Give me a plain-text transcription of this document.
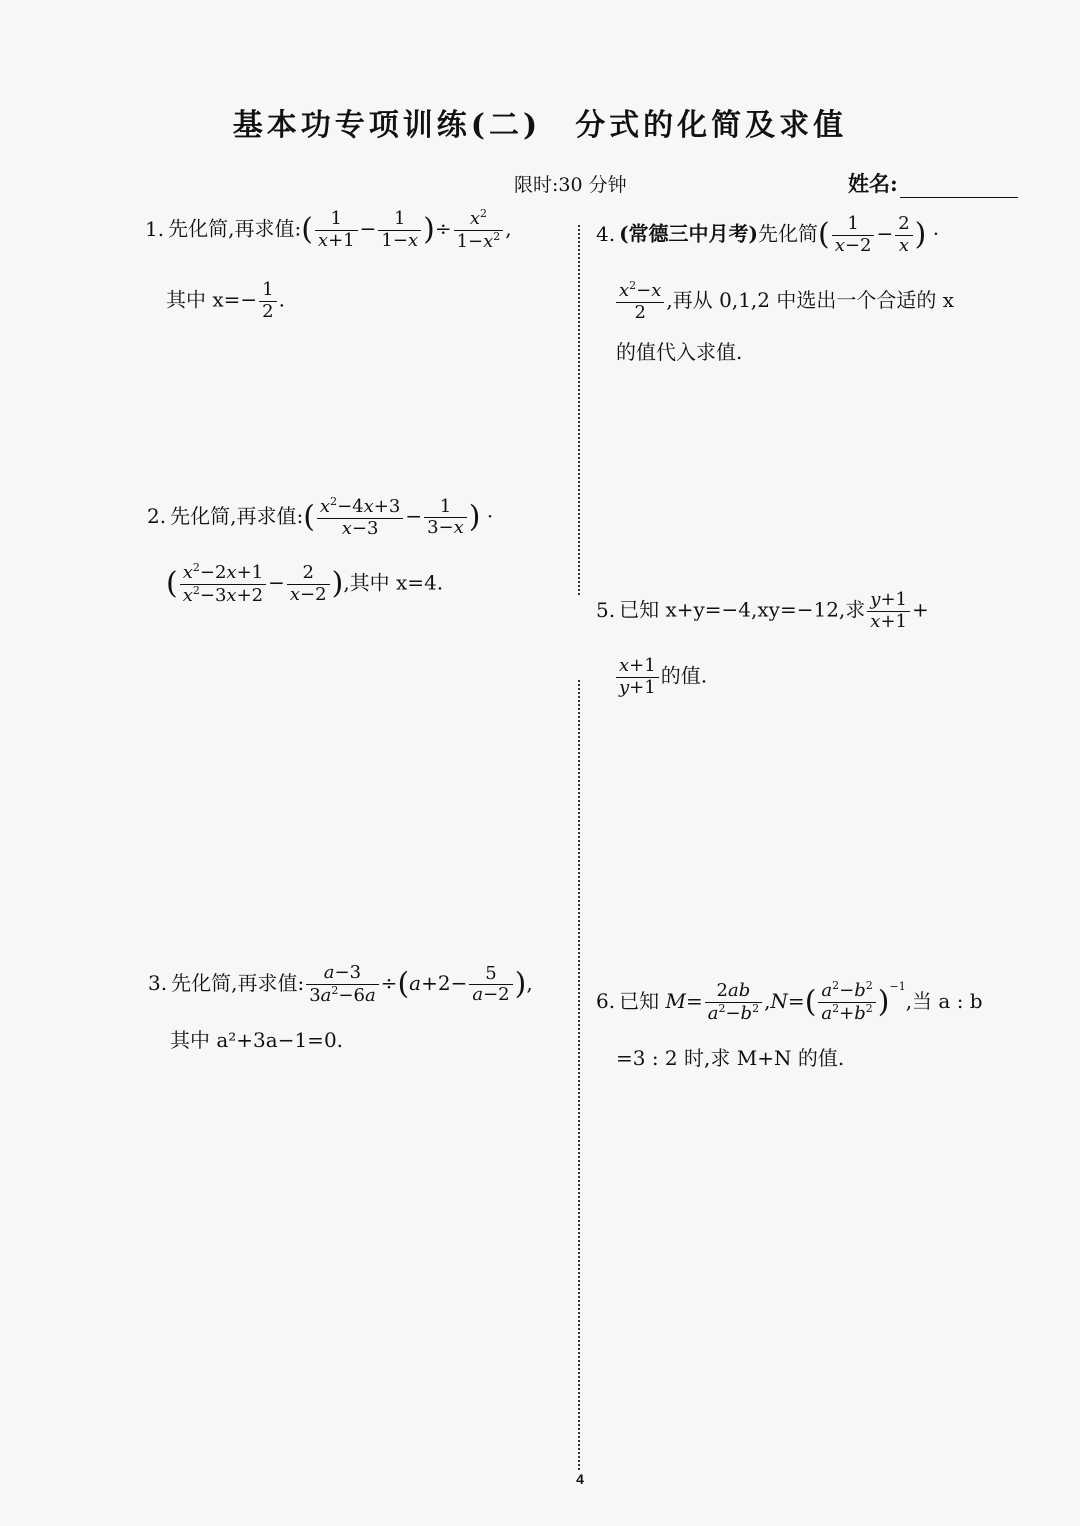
基本功专项训练(二) 分式的化简及求值
限时:30 分钟	姓名:
1. 先化简,再求值:( $\frac{1}{x+1} - \frac{1}{1-x}$ )÷ $\frac{x^2}{1-x^2}$ ,
其中 $x=- \frac{1}{2}$ .
2. 先化简,再求值:( $\frac{x^2-4x+3}{x-3} - \frac{1}{3-x}$ ) ·
( $\frac{x^2-2x+1}{x^2-3x+2} - \frac{2}{x-2}$ ),其中 x=4.
3. 先化简,再求值: $\frac{a-3}{3a^2-6a} \div(a+2- \frac{5}{a-2}$ ),
其中 a²+3a−1=0.
4. (常德三中月考)先化简( $\frac{1}{x-2} - \frac{2}{x}$ ) ·
$\frac{x^2-x}{2}$ ,再从 0,1,2 中选出一个合适的 x
的值代入求值.
5. 已知 x+y=−4,xy=−12,求 $\frac{y+1}{x+1}$ +
$\frac{x+1}{y+1}$ 的值.
6. 已知 $M= \frac{2ab}{a^2-b^2} ,N=( \frac{a^2-b^2}{a^2+b^2} )^{-1}$,当 a : b
=3 : 2 时,求 M+N 的值.
4
